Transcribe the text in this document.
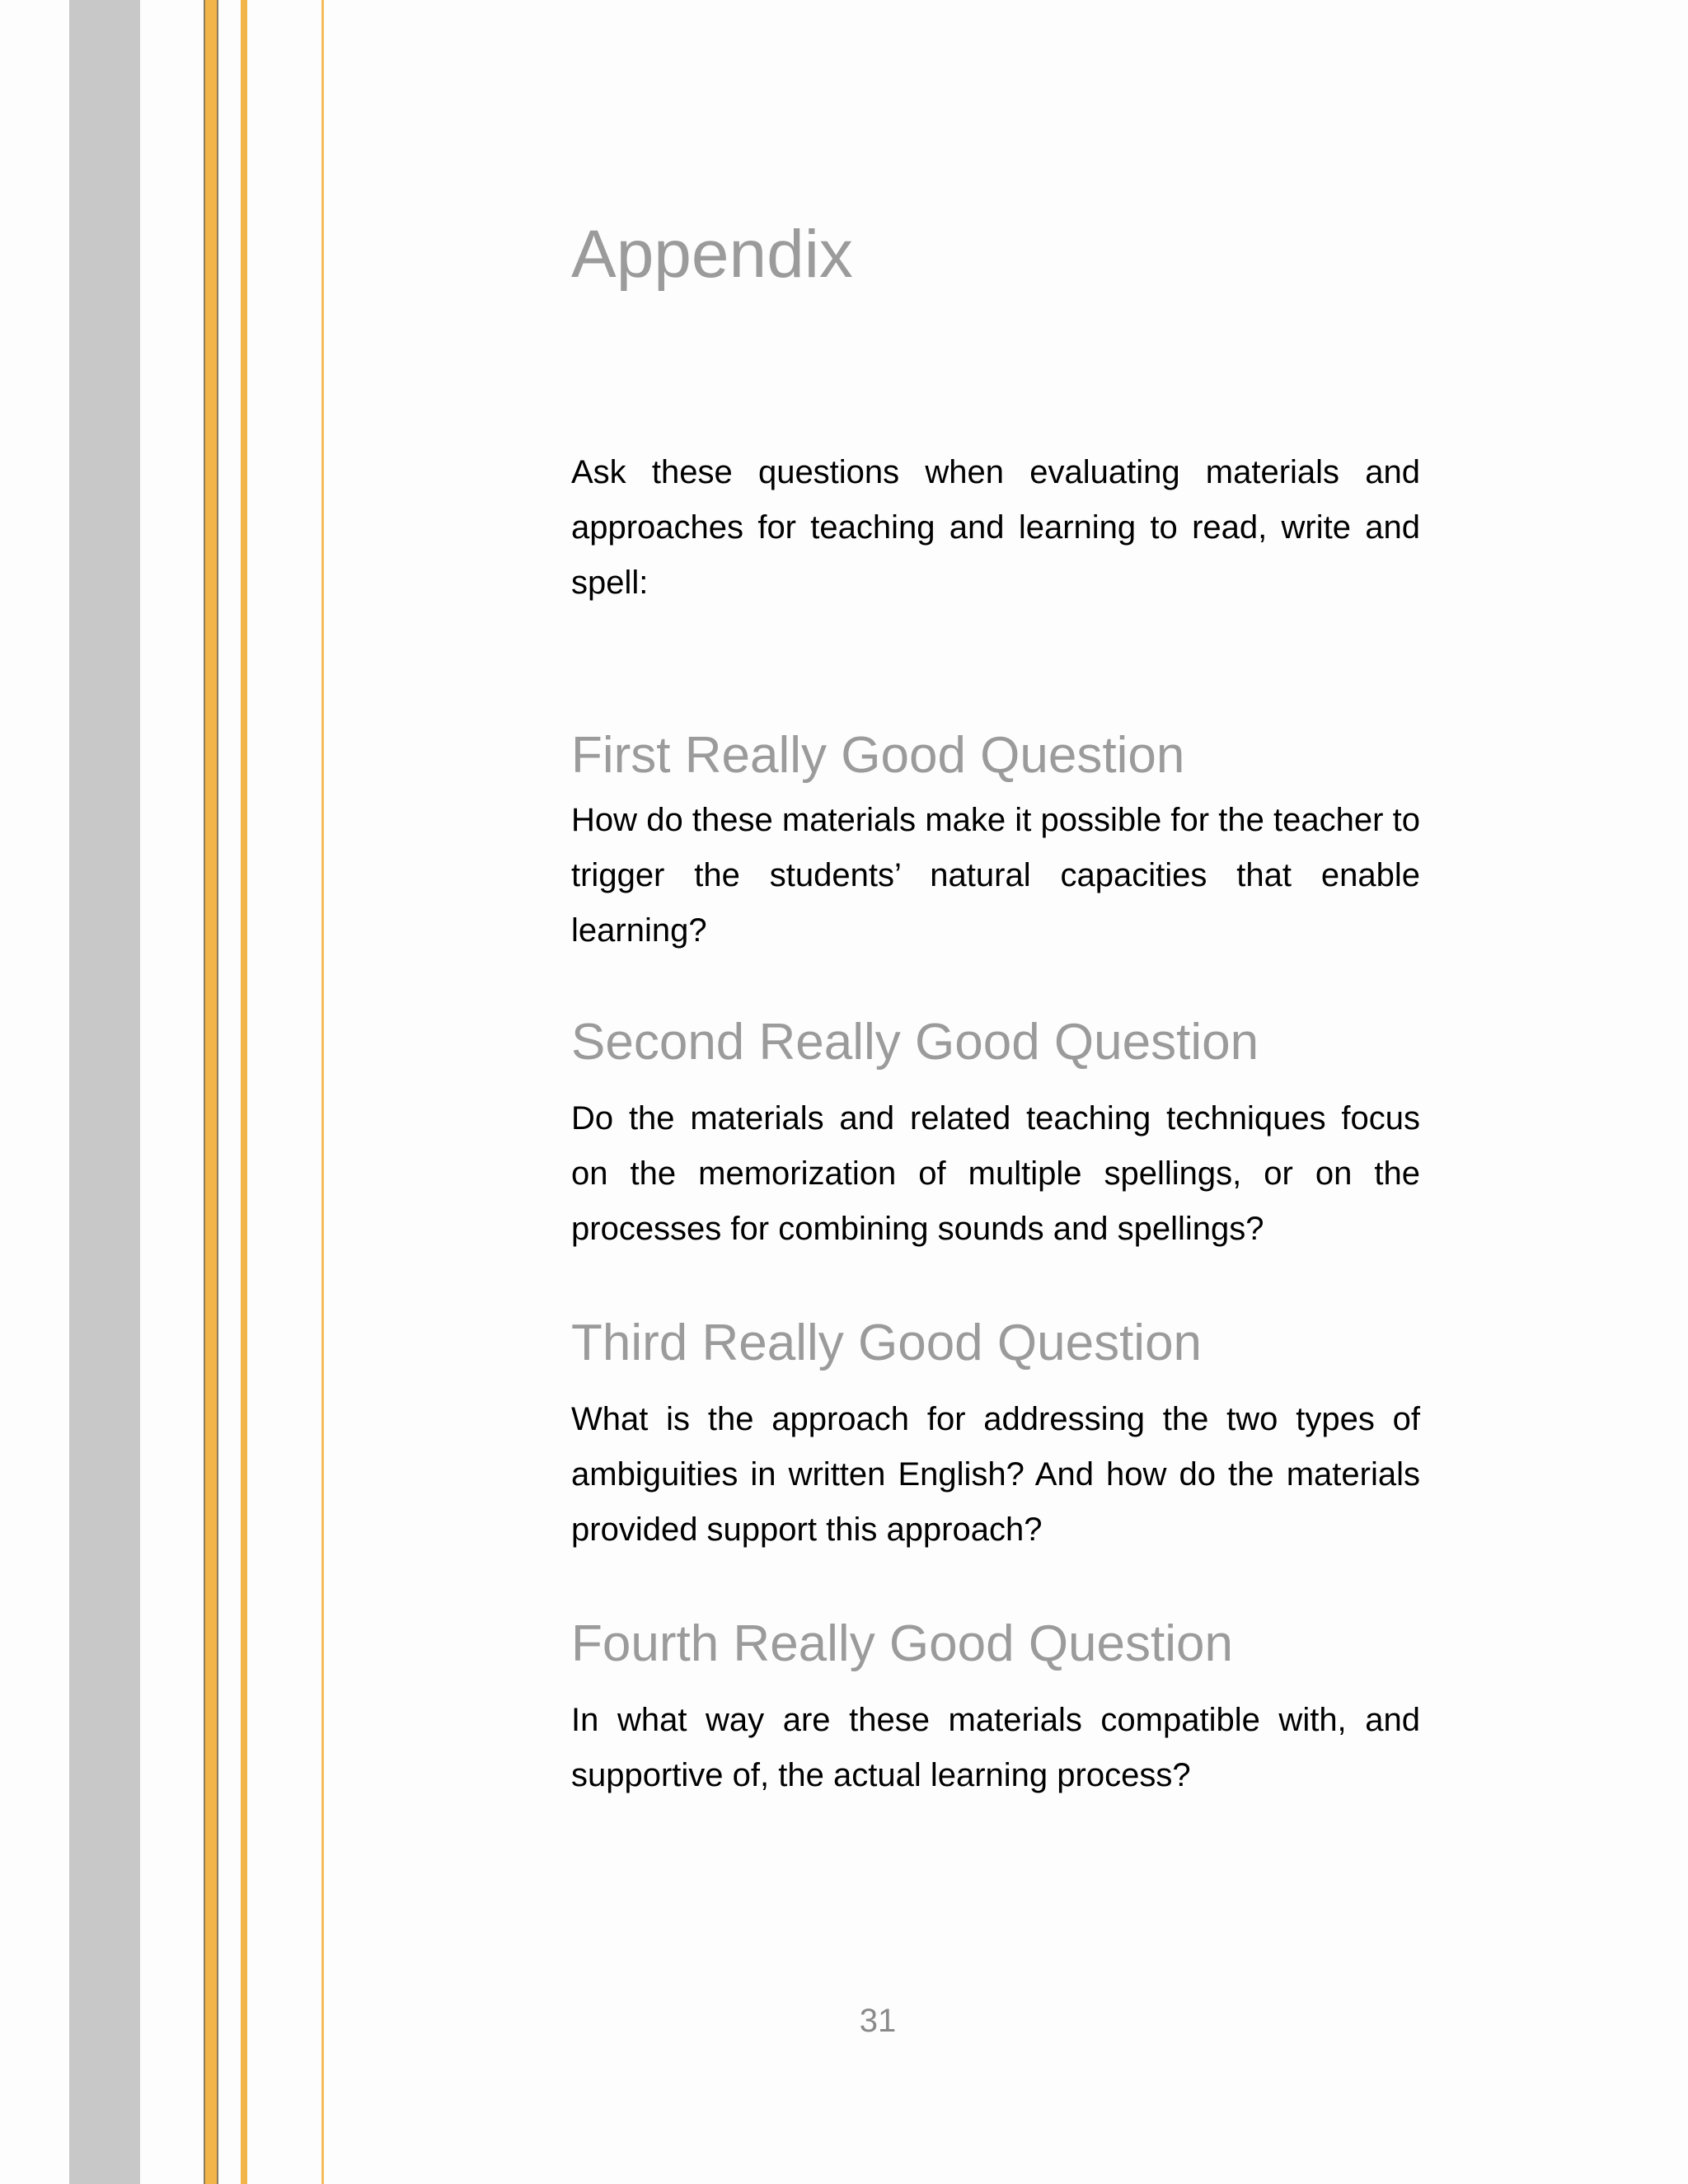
Appendix

Ask these questions when evaluating materials and approaches for teaching and learning to read, write and spell:

First Really Good Question

How do these materials make it possible for the teacher to trigger the students’ natural capacities that enable learning?

Second Really Good Question

Do the materials and related teaching techniques focus on the memorization of multiple spellings, or on the processes for combining sounds and spellings?

Third Really Good Question

What is the approach for addressing the two types of ambiguities in written English? And how do the materials provided support this approach?

Fourth Really Good Question

In what way are these materials compatible with, and supportive of, the actual learning process?

31
